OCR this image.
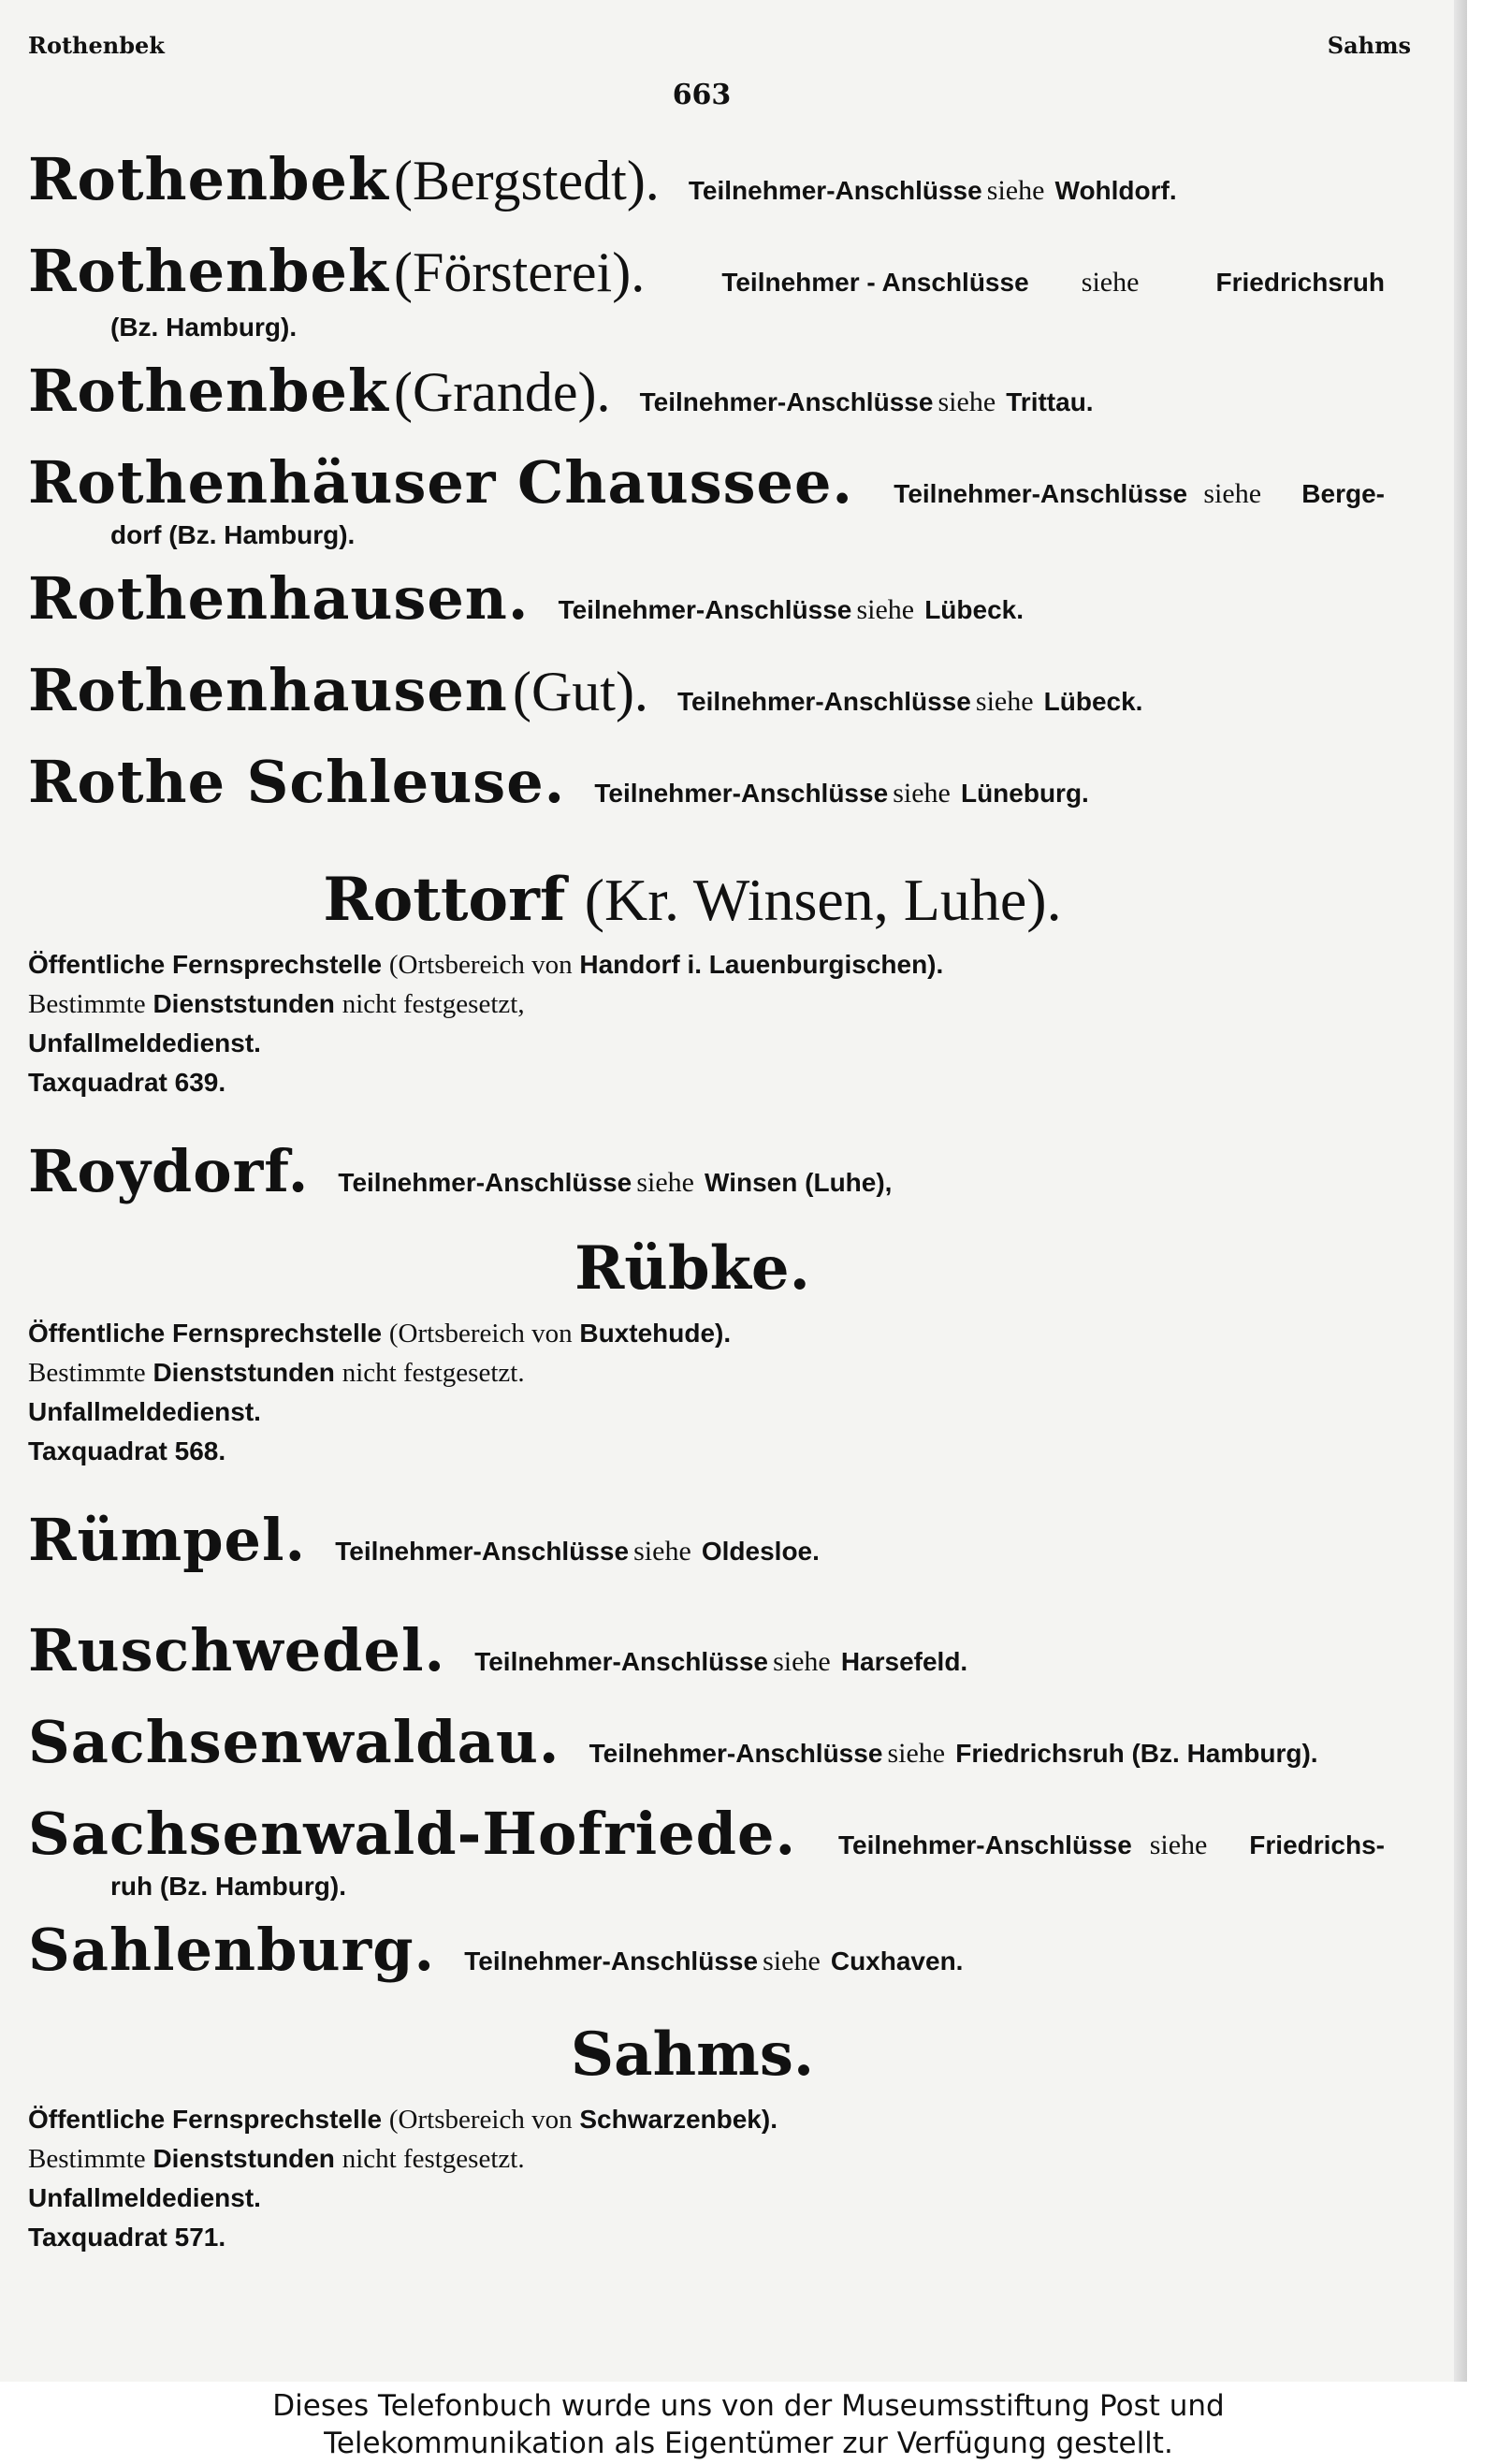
Rothenbek	Sahms
663
Rothenbek (Bergstedt). Teilnehmer-Anschlüsse siehe Wohldorf.
Rothenbek (Försterei).	Teilnehmer - Anschlüsse siehe	Friedrichsruh
(Bz. Hamburg).
Rothenbek (Grande). Teilnehmer-Anschlüsse siehe Trittau.
Rothenhäuser Chaussee. Teilnehmer-Anschlüsse siehe Berge-
dorf (Bz. Hamburg).
Rothenhausen. Teilnehmer-Anschlüsse siehe Lübeck.
Rothenhausen (Gut). Teilnehmer-Anschlüsse siehe Lübeck.
Rothe Schleuse. Teilnehmer-Anschlüsse siehe Lüneburg.
Rottorf (Kr. Winsen, Luhe).
Öffentliche Fernsprechstelle (Ortsbereich von Handorf i. Lauenburgischen).
Bestimmte Dienststunden nicht festgesetzt,
Unfallmeldedienst.
Taxquadrat 639.
Roydorf. Teilnehmer-Anschlüsse siehe Winsen (Luhe),
Rübke.
Öffentliche Fernsprechstelle (Ortsbereich von Buxtehude).
Bestimmte Dienststunden nicht festgesetzt.
Unfallmeldedienst.
Taxquadrat 568.
Rümpel. Teilnehmer-Anschlüsse siehe Oldesloe.
Ruschwedel. Teilnehmer-Anschlüsse siehe Harsefeld.
Sachsenwaldau. Teilnehmer-Anschlüsse siehe Friedrichsruh (Bz. Hamburg).
Sachsenwald-Hofriede. Teilnehmer-Anschlüsse siehe Friedrichs-
ruh (Bz. Hamburg).
Sahlenburg. Teilnehmer-Anschlüsse siehe Cuxhaven.
Sahms.
Öffentliche Fernsprechstelle (Ortsbereich von Schwarzenbek).
Bestimmte Dienststunden nicht festgesetzt.
Unfallmeldedienst.
Taxquadrat 571.
Dieses Telefonbuch wurde uns von der Museumsstiftung Post und
Telekommunikation als Eigentümer zur Verfügung gestellt.
